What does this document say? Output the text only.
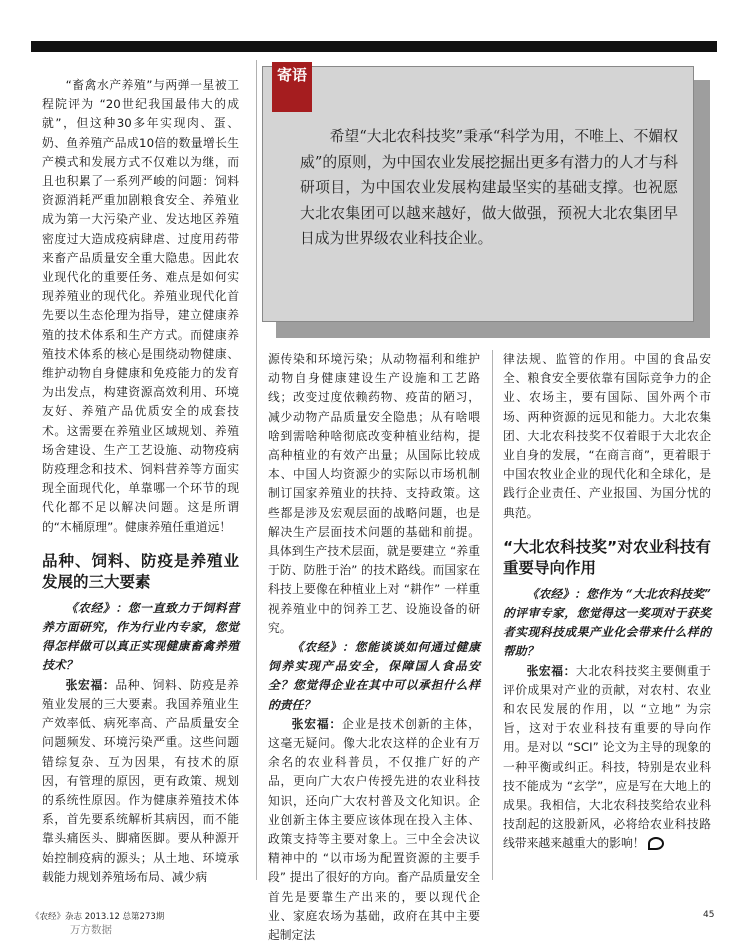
“畜禽水产养殖”与两弹一星被工程院评为 “20世纪我国最伟大的成就”，但这种30多年实现肉、蛋、奶、鱼养殖产品成10倍的数量增长生产模式和发展方式不仅难以为继，而且也积累了一系列严峻的问题：饲料资源消耗严重加剧粮食安全、养殖业成为第一大污染产业、发达地区养殖密度过大造成疫病肆虐、过度用药带来畜产品质量安全重大隐患。因此农业现代化的重要任务、难点是如何实现养殖业的现代化。养殖业现代化首先要以生态伦理为指导，建立健康养殖的技术体系和生产方式。而健康养殖技术体系的核心是围绕动物健康、维护动物自身健康和免疫能力的发育为出发点，构建资源高效利用、环境友好、养殖产品优质安全的成套技术。这需要在养殖业区域规划、养殖场舍建设、生产工艺设施、动物疫病防疫理念和技术、饲料营养等方面实现全面现代化，单靠哪一个环节的现代化都不足以解决问题。这是所谓的“木桶原理”。健康养殖任重道远！

品种、饲料、防疫是养殖业发展的三大要素

《农经》：您一直致力于饲料营养方面研究，作为行业内专家，您觉得怎样做可以真正实现健康畜禽养殖技术？

张宏福：品种、饲料、防疫是养殖业发展的三大要素。我国养殖业生产效率低、病死率高、产品质量安全问题频发、环境污染严重。这些问题错综复杂、互为因果，有技术的原因，有管理的原因，更有政策、规划的系统性原因。作为健康养殖技术体系，首先要系统解析其病因，而不能靠头痛医头、脚痛医脚。要从种源开始控制疫病的源头；从土地、环境承载能力规划养殖场布局、减少病

寄语
希望“大北农科技奖”秉承“科学为用，不唯上、不媚权威”的原则，为中国农业发展挖掘出更多有潜力的人才与科研项目，为中国农业发展构建最坚实的基础支撑。也祝愿大北农集团可以越来越好，做大做强，预祝大北农集团早日成为世界级农业科技企业。

源传染和环境污染；从动物福利和维护动物自身健康建设生产设施和工艺路线；改变过度依赖药物、疫苗的陋习，减少动物产品质量安全隐患；从有啥喂啥到需啥种啥彻底改变种植业结构，提高种植业的有效产出量；从国际比较成本、中国人均资源少的实际以市场机制制订国家养殖业的扶持、支持政策。这些都是涉及宏观层面的战略问题，也是解决生产层面技术问题的基础和前提。具体到生产技术层面，就是要建立 “养重于防、防胜于治” 的技术路线。而国家在科技上要像在种植业上对 “耕作” 一样重视养殖业中的饲养工艺、设施设备的研究。

《农经》：您能谈谈如何通过健康饲养实现产品安全，保障国人食品安全？您觉得企业在其中可以承担什么样的责任？

张宏福：企业是技术创新的主体，这毫无疑问。像大北农这样的企业有万余名的农业科普员，不仅推广好的产品，更向广大农户传授先进的农业科技知识，还向广大农村普及文化知识。企业创新主体主要应该体现在投入主体、政策支持等主要对象上。三中全会决议精神中的 “以市场为配置资源的主要手段” 提出了很好的方向。畜产品质量安全首先是要靠生产出来的，要以现代企业、家庭农场为基础，政府在其中主要起制定法

律法规、监管的作用。中国的食品安全、粮食安全要依靠有国际竞争力的企业、农场主，要有国际、国外两个市场、两种资源的远见和能力。大北农集团、大北农科技奖不仅着眼于大北农企业自身的发展，“在商言商”，更着眼于中国农牧业企业的现代化和全球化，是践行企业责任、产业报国、为国分忧的典范。

“大北农科技奖”对农业科技有重要导向作用

《农经》：您作为 “大北农科技奖” 的评审专家，您觉得这一奖项对于获奖者实现科技成果产业化会带来什么样的帮助？

张宏福：大北农科技奖主要侧重于评价成果对产业的贡献，对农村、农业和农民发展的作用，以 “立地” 为宗旨，这对于农业科技有重要的导向作用。是对以 “SCI” 论文为主导的现象的一种平衡或纠正。科技，特别是农业科技不能成为 “玄学”，应是写在大地上的成果。我相信，大北农科技奖给农业科技刮起的这股新风，必将给农业科技路线带来越来越重大的影响！

《农经》杂志 2013.12 总第273期
万方数据
45
